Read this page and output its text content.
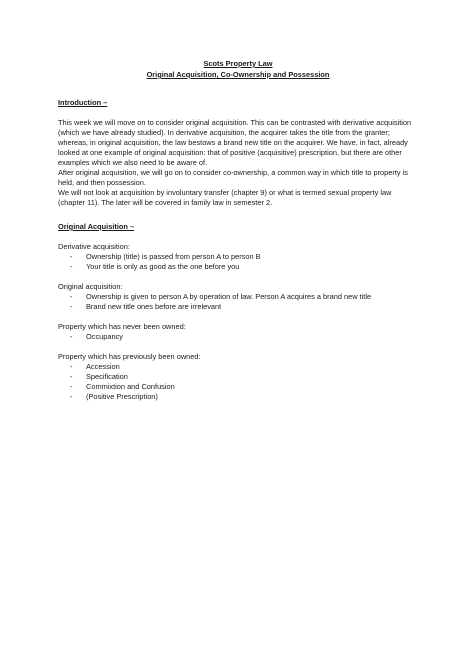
Scots Property Law
Original Acquisition, Co-Ownership and Possession
Introduction –

This week we will move on to consider original acquisition. This can be contrasted with derivative acquisition (which we have already studied). In derivative acquisition, the acquirer takes the title from the granter; whereas, in original acquisition, the law bestows a brand new title on the acquirer. We have, in fact, already looked at one example of original acquisition: that of positive (acquisitive) prescription, but there are other examples which we also need to be aware of.

After original acquisition, we will go on to consider co-ownership, a common way in which title to property is held, and then possession.

We will not look at acquisition by involuntary transfer (chapter 9) or what is termed sexual property law (chapter 11). The later will be covered in family law in semester 2.

Original Acquisition –
Derivative acquisition:
- Ownership (title) is passed from person A to person B
- Your title is only as good as the one before you
Original acquisition:
- Ownership is given to person A by operation of law. Person A acquires a brand new title
- Brand new title ones before are irrelevant
Property which has never been owned:
- Occupancy
Property which has previously been owned:
- Accession
- Specification
- Commixtion and Confusion
- (Positive Prescription)
